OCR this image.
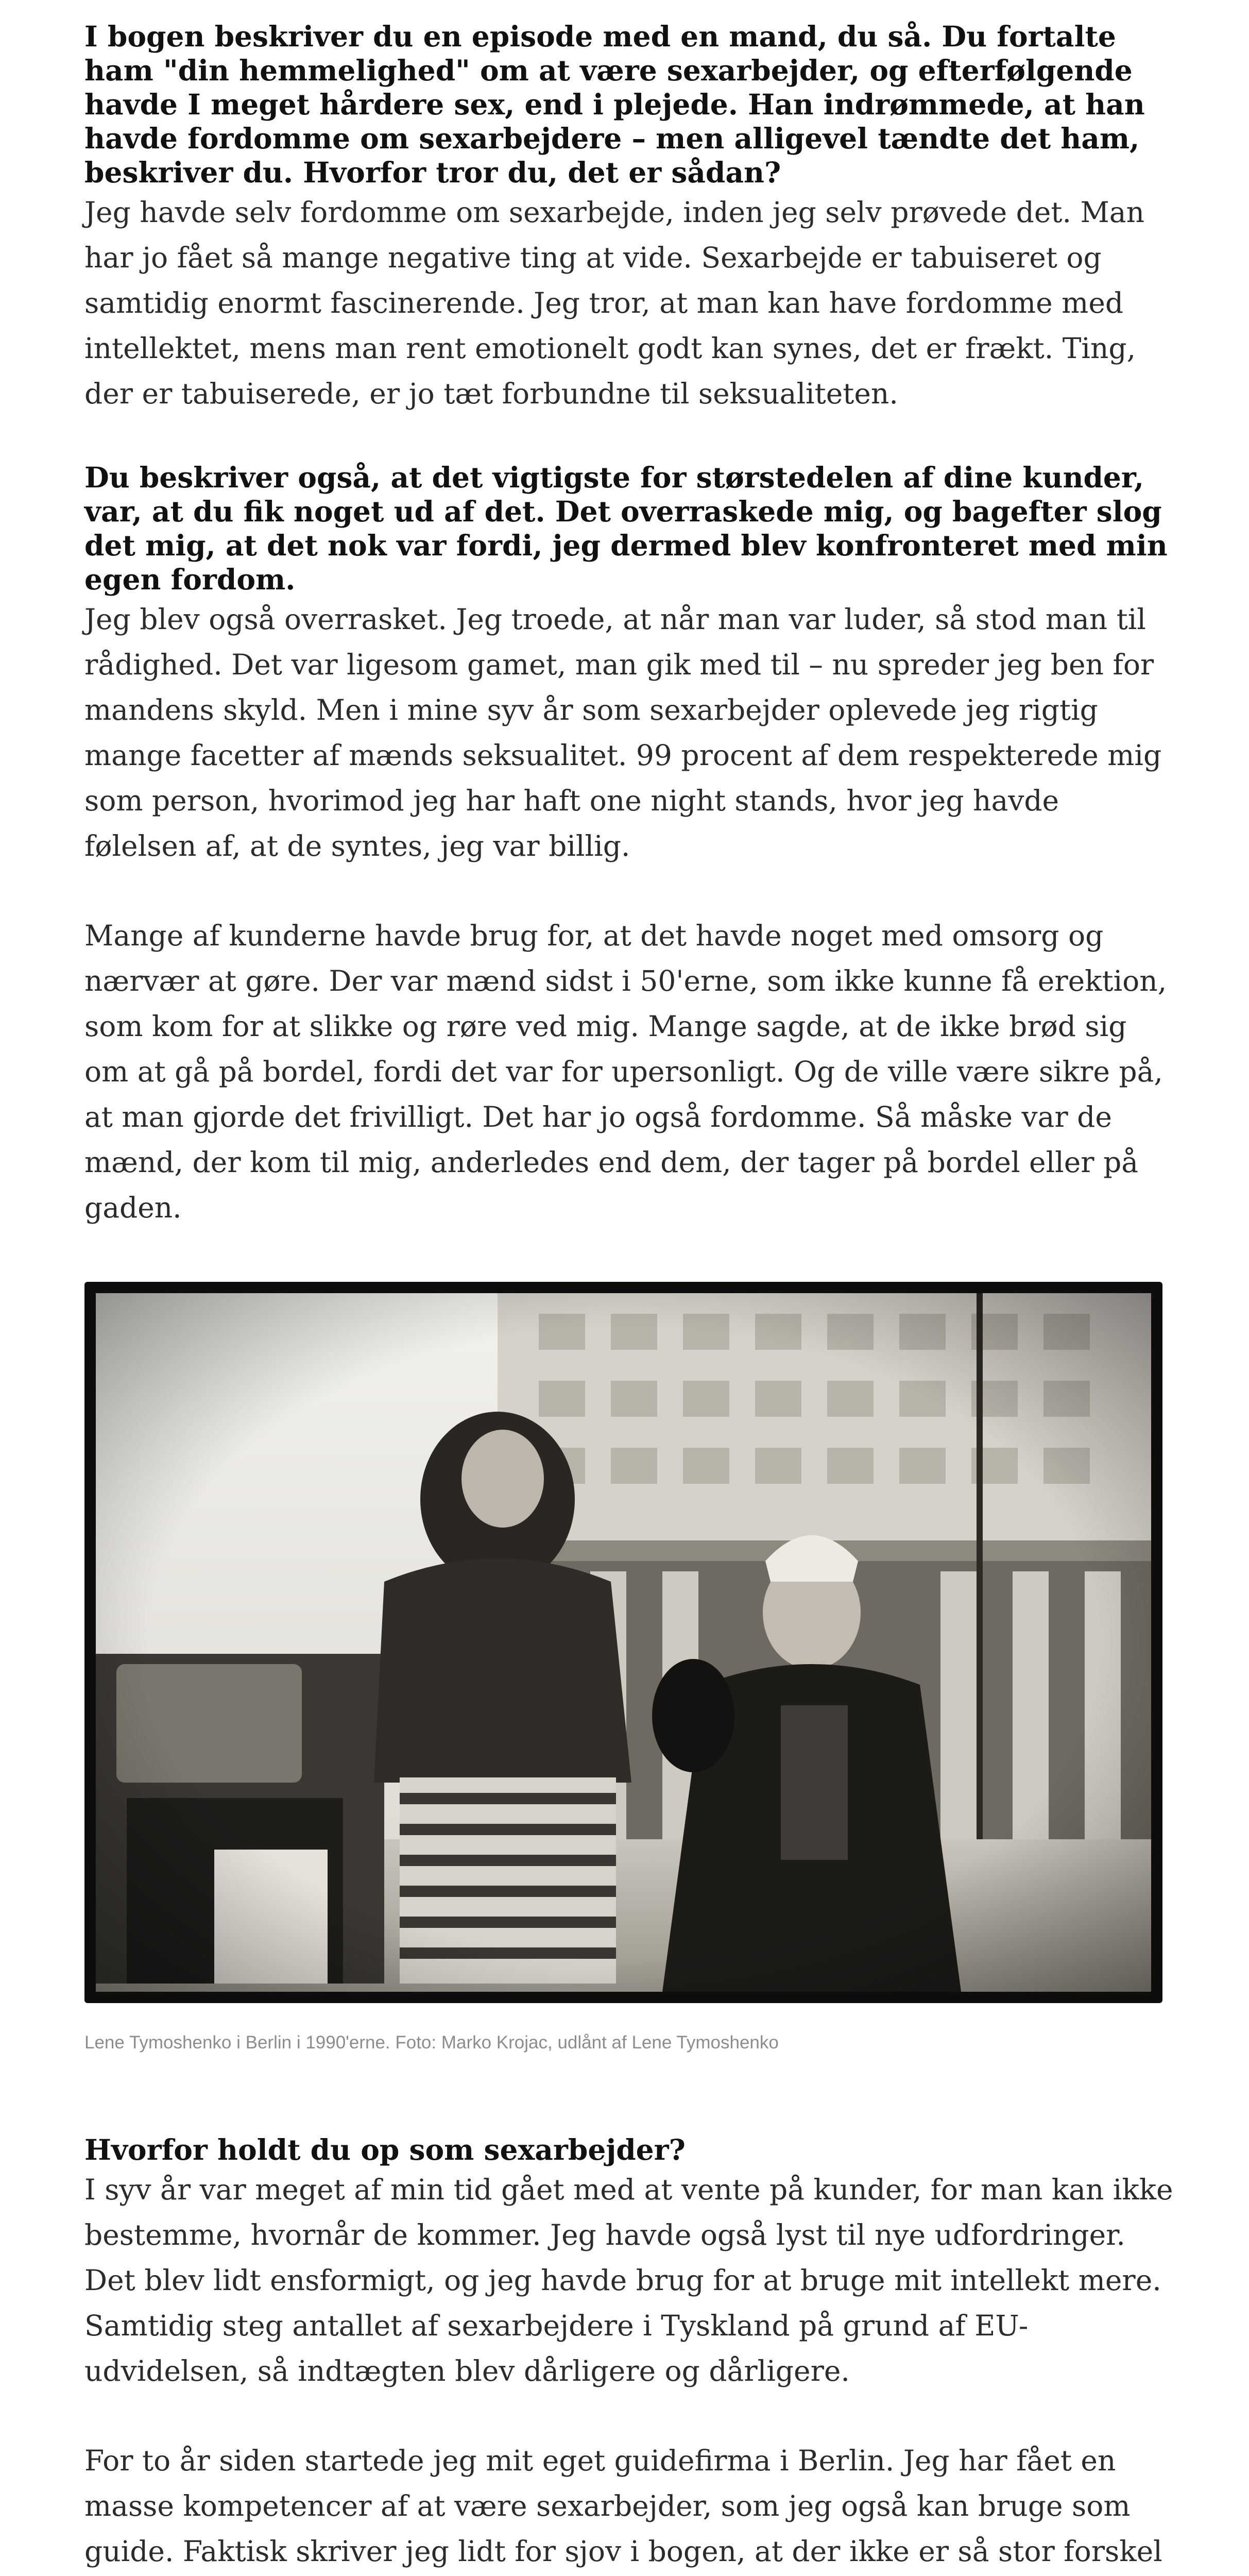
I bogen beskriver du en episode med en mand, du så. Du fortalte ham "din hemmelighed" om at være sexarbejder, og efterfølgende havde I meget hårdere sex, end i plejede. Han indrømmede, at han havde fordomme om sexarbejdere – men alligevel tændte det ham, beskriver du. Hvorfor tror du, det er sådan?

Jeg havde selv fordomme om sexarbejde, inden jeg selv prøvede det. Man har jo fået så mange negative ting at vide. Sexarbejde er tabuiseret og samtidig enormt fascinerende. Jeg tror, at man kan have fordomme med intellektet, mens man rent emotionelt godt kan synes, det er frækt. Ting, der er tabuiserede, er jo tæt forbundne til seksualiteten.

Du beskriver også, at det vigtigste for størstedelen af dine kunder, var, at du fik noget ud af det. Det overraskede mig, og bagefter slog det mig, at det nok var fordi, jeg dermed blev konfronteret med min egen fordom.

Jeg blev også overrasket. Jeg troede, at når man var luder, så stod man til rådighed. Det var ligesom gamet, man gik med til – nu spreder jeg ben for mandens skyld. Men i mine syv år som sexarbejder oplevede jeg rigtig mange facetter af mænds seksualitet. 99 procent af dem respekterede mig som person, hvorimod jeg har haft one night stands, hvor jeg havde følelsen af, at de syntes, jeg var billig.

Mange af kunderne havde brug for, at det havde noget med omsorg og nærvær at gøre. Der var mænd sidst i 50'erne, som ikke kunne få erektion, som kom for at slikke og røre ved mig. Mange sagde, at de ikke brød sig om at gå på bordel, fordi det var for upersonligt. Og de ville være sikre på, at man gjorde det frivilligt. Det har jo også fordomme. Så måske var de mænd, der kom til mig, anderledes end dem, der tager på bordel eller på gaden.

Lene Tymoshenko i Berlin i 1990'erne. Foto: Marko Krojac, udlånt af Lene Tymoshenko

Hvorfor holdt du op som sexarbejder?

I syv år var meget af min tid gået med at vente på kunder, for man kan ikke bestemme, hvornår de kommer. Jeg havde også lyst til nye udfordringer. Det blev lidt ensformigt, og jeg havde brug for at bruge mit intellekt mere. Samtidig steg antallet af sexarbejdere i Tyskland på grund af EU-udvidelsen, så indtægten blev dårligere og dårligere.

For to år siden startede jeg mit eget guidefirma i Berlin. Jeg har fået en masse kompetencer af at være sexarbejder, som jeg også kan bruge som guide. Faktisk skriver jeg lidt for sjov i bogen, at der ikke er så stor forskel
